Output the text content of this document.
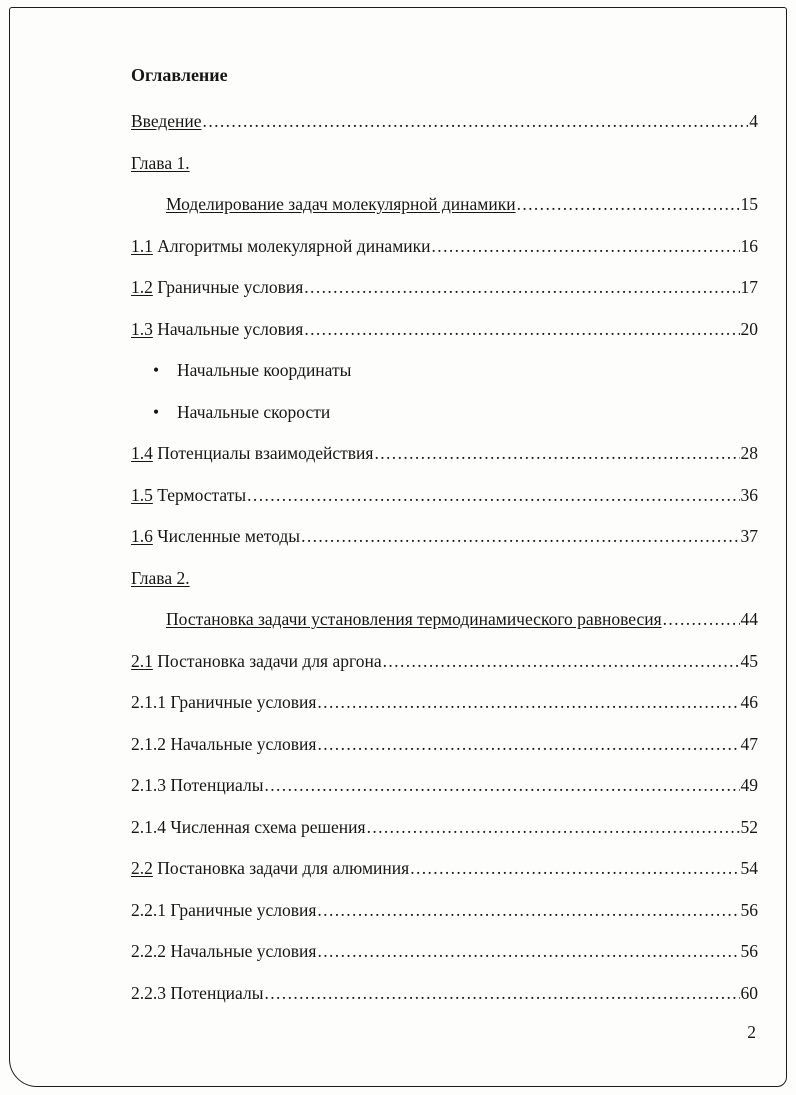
Оглавление
Введение .....	4
Глава 1.
Моделирование задач молекулярной динамики .....	15
1.1 Алгоритмы молекулярной динамики .....	16
1.2 Граничные условия .....	17
1.3 Начальные условия .....	20
•	Начальные координаты
•	Начальные скорости
1.4 Потенциалы взаимодействия .....	28
1.5 Термостаты .....	36
1.6 Численные методы .....	37
Глава 2.
Постановка задачи установления термодинамического равновесия .....	44
2.1 Постановка задачи для аргона .....	45
2.1.1 Граничные условия .....	46
2.1.2 Начальные условия .....	47
2.1.3 Потенциалы .....	49
2.1.4 Численная схема решения .....	52
2.2 Постановка задачи для алюминия .....	54
2.2.1 Граничные условия .....	56
2.2.2 Начальные условия .....	56
2.2.3 Потенциалы .....	60
2
